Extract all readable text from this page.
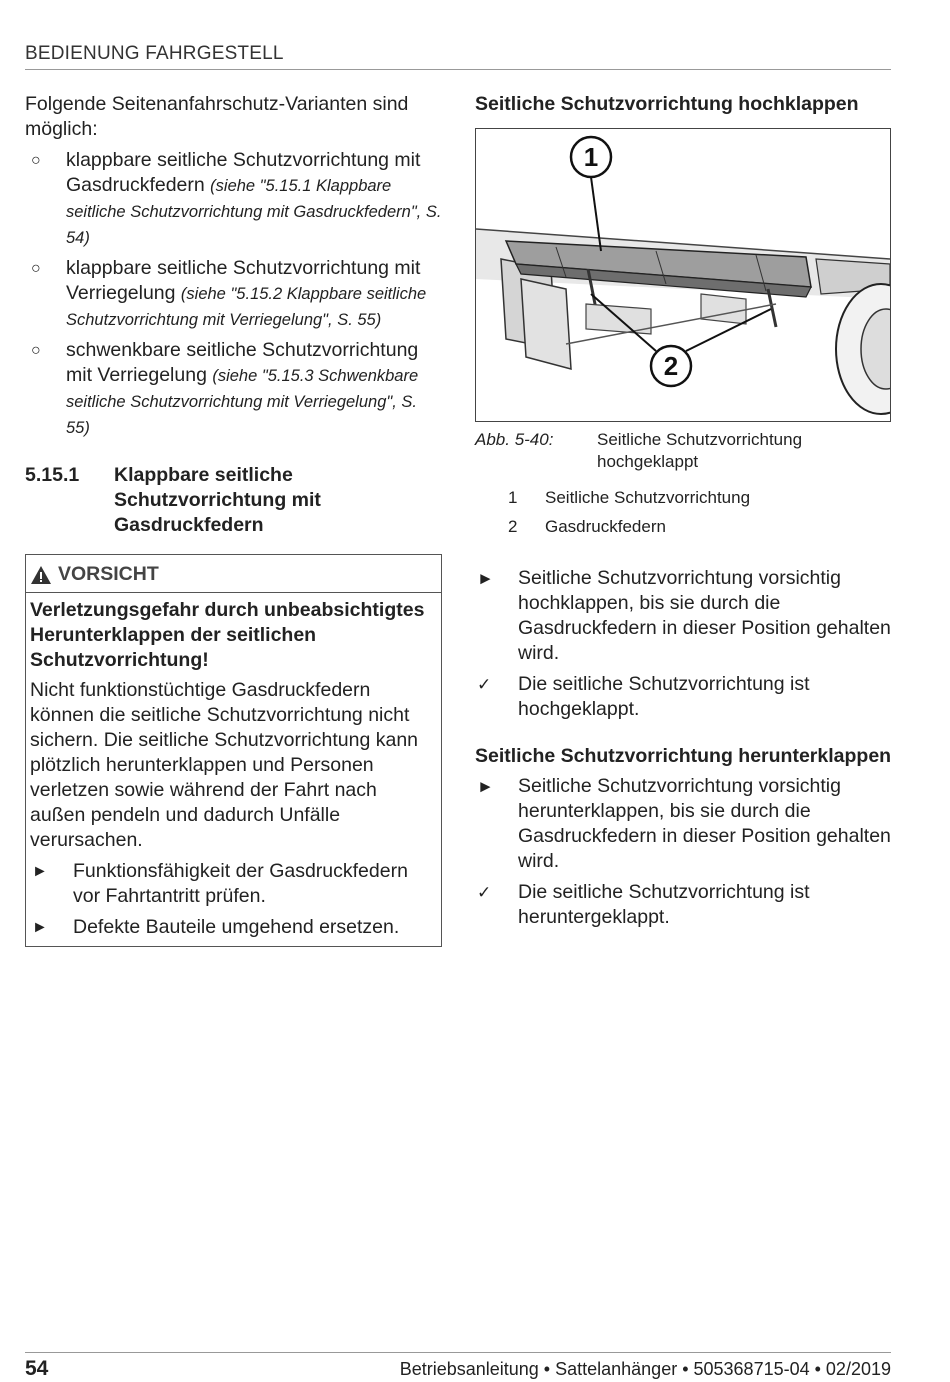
BEDIENUNG FAHRGESTELL

Folgende Seitenanfahrschutz-Varianten sind möglich:

○ klappbare seitliche Schutzvorrichtung mit Gasdruckfedern (siehe "5.15.1 Klappbare seitliche Schutzvorrichtung mit Gasdruckfedern", S. 54)
○ klappbare seitliche Schutzvorrichtung mit Verriegelung (siehe "5.15.2 Klappbare seitliche Schutzvorrichtung mit Verriegelung", S. 55)
○ schwenkbare seitliche Schutzvorrichtung mit Verriegelung (siehe "5.15.3 Schwenkbare seitliche Schutzvorrichtung mit Verriegelung", S. 55)
5.15.1	Klappbare seitliche Schutzvorrichtung mit Gasdruckfedern
VORSICHT

Verletzungsgefahr durch unbeabsichtigtes Herunterklappen der seitlichen Schutzvorrichtung!

Nicht funktionstüchtige Gasdruckfedern können die seitliche Schutzvorrichtung nicht sichern. Die seitliche Schutzvorrichtung kann plötzlich herunterklappen und Personen verletzen sowie während der Fahrt nach außen pendeln und dadurch Unfälle verursachen.

►	Funktionsfähigkeit der Gasdruckfedern vor Fahrtantritt prüfen.
►	Defekte Bauteile umgehend ersetzen.
Seitliche Schutzvorrichtung hochklappen
1
2
Abb. 5-40:	Seitliche Schutzvorrichtung hochgeklappt
1	Seitliche Schutzvorrichtung
2	Gasdruckfedern
►	Seitliche Schutzvorrichtung vorsichtig hochklappen, bis sie durch die Gasdruckfedern in dieser Position gehalten wird.
✓	Die seitliche Schutzvorrichtung ist hochgeklappt.
Seitliche Schutzvorrichtung herunterklappen
►	Seitliche Schutzvorrichtung vorsichtig herunterklappen, bis sie durch die Gasdruckfedern in dieser Position gehalten wird.
✓	Die seitliche Schutzvorrichtung ist heruntergeklappt.
54	Betriebsanleitung • Sattelanhänger • 505368715-04 • 02/2019
